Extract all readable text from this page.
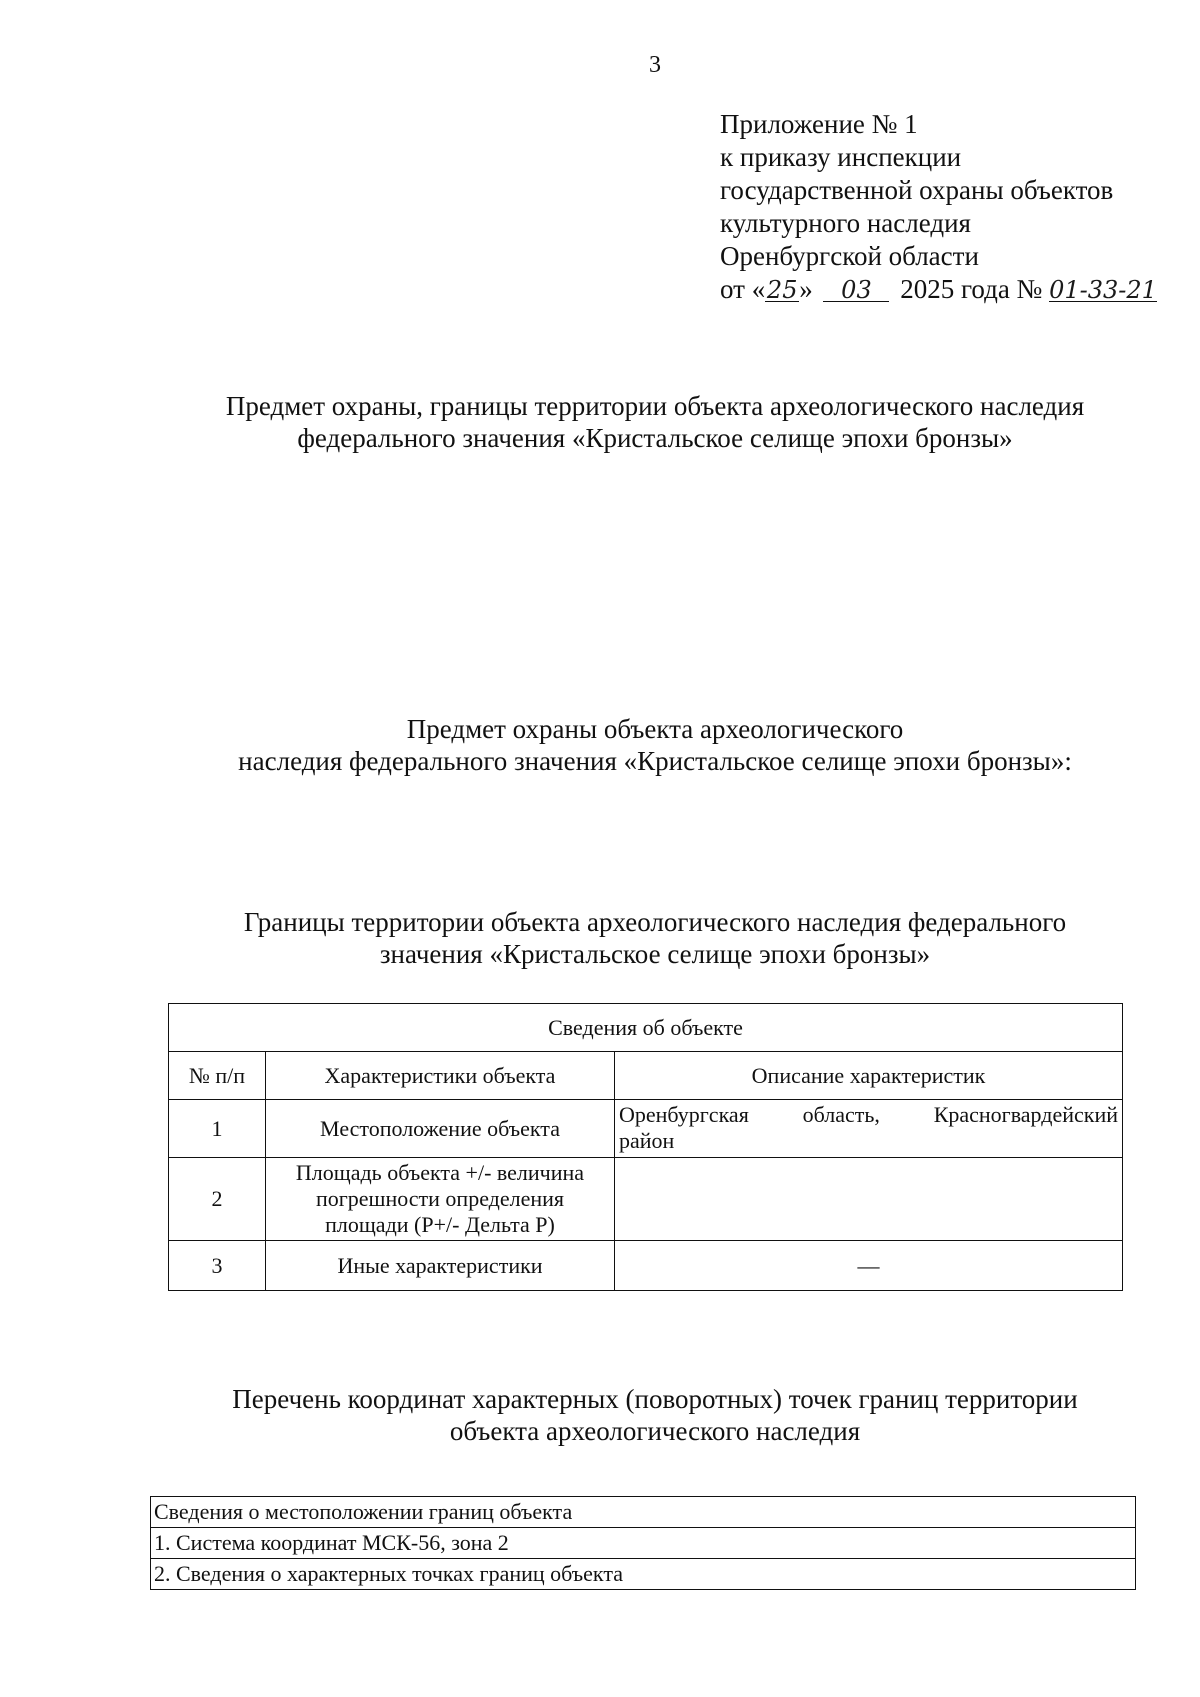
3
Приложение № 1
к приказу инспекции
государственной охраны объектов
культурного наследия
Оренбургской области
от «25» 03 2025 года № 01-33-21
Предмет охраны, границы территории объекта археологического наследия
федерального значения «Кристальское селище эпохи бронзы»
Предмет охраны объекта археологического
наследия федерального значения «Кристальское селище эпохи бронзы»:
Границы территории объекта археологического наследия федерального
значения «Кристальское селище эпохи бронзы»
Сведения об объекте		
№ п/п	Характеристики объекта	Описание характеристик
1	Местоположение объекта	Оренбургская область, Красногвардейский
район
2	Площадь объекта +/- величина
погрешности определения
площади (Р+/- Дельта Р)	

3	Иные характеристики	—
Перечень координат характерных (поворотных) точек границ территории
объекта археологического наследия
Сведения о местоположении границ объекта
1. Система координат МСК-56, зона 2
2. Сведения о характерных точках границ объекта
